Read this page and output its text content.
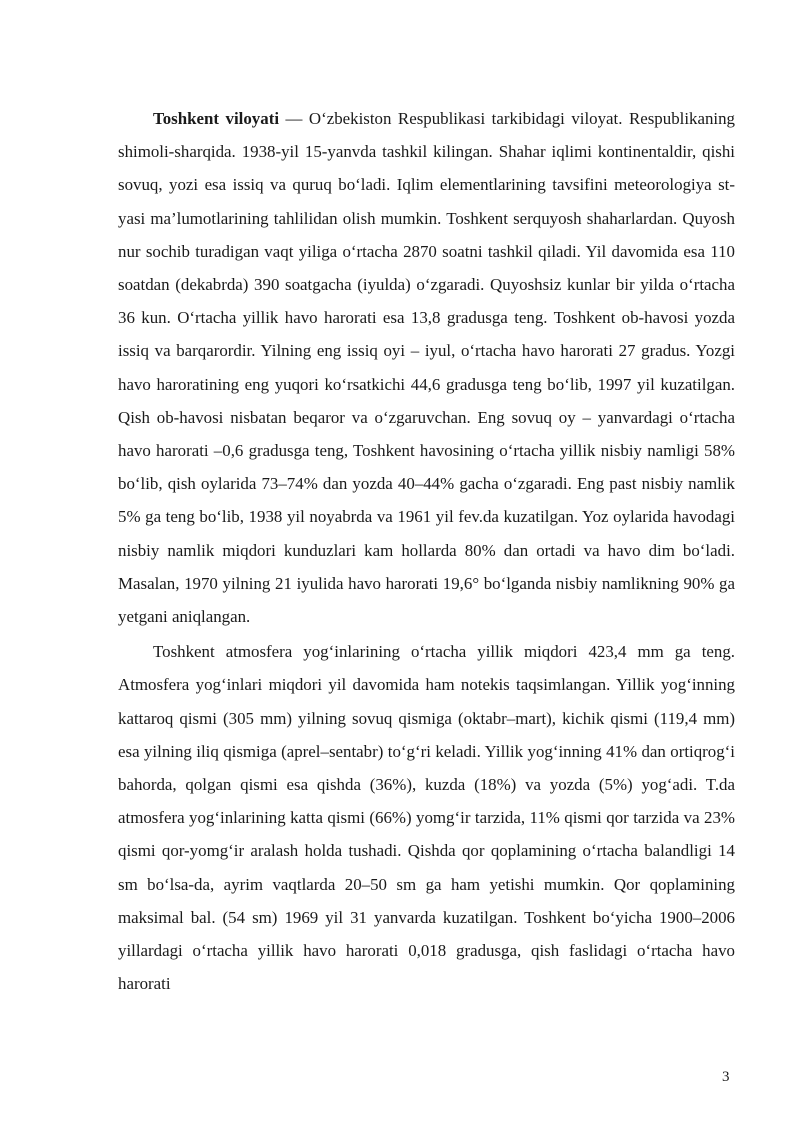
Toshkent viloyati — O‘zbekiston Respublikasi tarkibidagi viloyat. Respublikaning shimoli-sharqida. 1938-yil 15-yanvda tashkil kilingan. Shahar iqlimi kontinentaldir, qishi sovuq, yozi esa issiq va quruq bo‘ladi. Iqlim elementlarining tavsifini meteorologiya st-yasi ma’lumotlarining tahlilidan olish mumkin. Toshkent serquyosh shaharlardan. Quyosh nur sochib turadigan vaqt yiliga o‘rtacha 2870 soatni tashkil qiladi. Yil davomida esa 110 soatdan (dekabrda) 390 soatgacha (iyulda) o‘zgaradi. Quyoshsiz kunlar bir yilda o‘rtacha 36 kun. O‘rtacha yillik havo harorati esa 13,8 gradusga teng. Toshkent ob-havosi yozda issiq va barqarordir. Yilning eng issiq oyi – iyul, o‘rtacha havo harorati 27 gradus. Yozgi havo haroratining eng yuqori ko‘rsatkichi 44,6 gradusga teng bo‘lib, 1997 yil kuzatilgan. Qish ob-havosi nisbatan beqaror va o‘zgaruvchan. Eng sovuq oy – yanvardagi o‘rtacha havo harorati –0,6 gradusga teng, Toshkent havosining o‘rtacha yillik nisbiy namligi 58% bo‘lib, qish oylarida 73–74% dan yozda 40–44% gacha o‘zgaradi. Eng past nisbiy namlik 5% ga teng bo‘lib, 1938 yil noyabrda va 1961 yil fev.da kuzatilgan. Yoz oylarida havodagi nisbiy namlik miqdori kunduzlari kam hollarda 80% dan ortadi va havo dim bo‘ladi. Masalan, 1970 yilning 21 iyulida havo harorati 19,6° bo‘lganda nisbiy namlikning 90% ga yetgani aniqlangan.

Toshkent atmosfera yog‘inlarining o‘rtacha yillik miqdori 423,4 mm ga teng. Atmosfera yog‘inlari miqdori yil davomida ham notekis taqsimlangan. Yillik yog‘inning kattaroq qismi (305 mm) yilning sovuq qismiga (oktabr–mart), kichik qismi (119,4 mm) esa yilning iliq qismiga (aprel–sentabr) to‘g‘ri keladi. Yillik yog‘inning 41% dan ortiqrog‘i bahorda, qolgan qismi esa qishda (36%), kuzda (18%) va yozda (5%) yog‘adi. T.da atmosfera yog‘inlarining katta qismi (66%) yomg‘ir tarzida, 11% qismi qor tarzida va 23% qismi qor-yomg‘ir aralash holda tushadi. Qishda qor qoplamining o‘rtacha balandligi 14 sm bo‘lsa-da, ayrim vaqtlarda 20–50 sm ga ham yetishi mumkin. Qor qoplamining maksimal bal. (54 sm) 1969 yil 31 yanvarda kuzatilgan. Toshkent bo‘yicha 1900–2006 yillardagi o‘rtacha yillik havo harorati 0,018 gradusga, qish faslidagi o‘rtacha havo harorati

3
